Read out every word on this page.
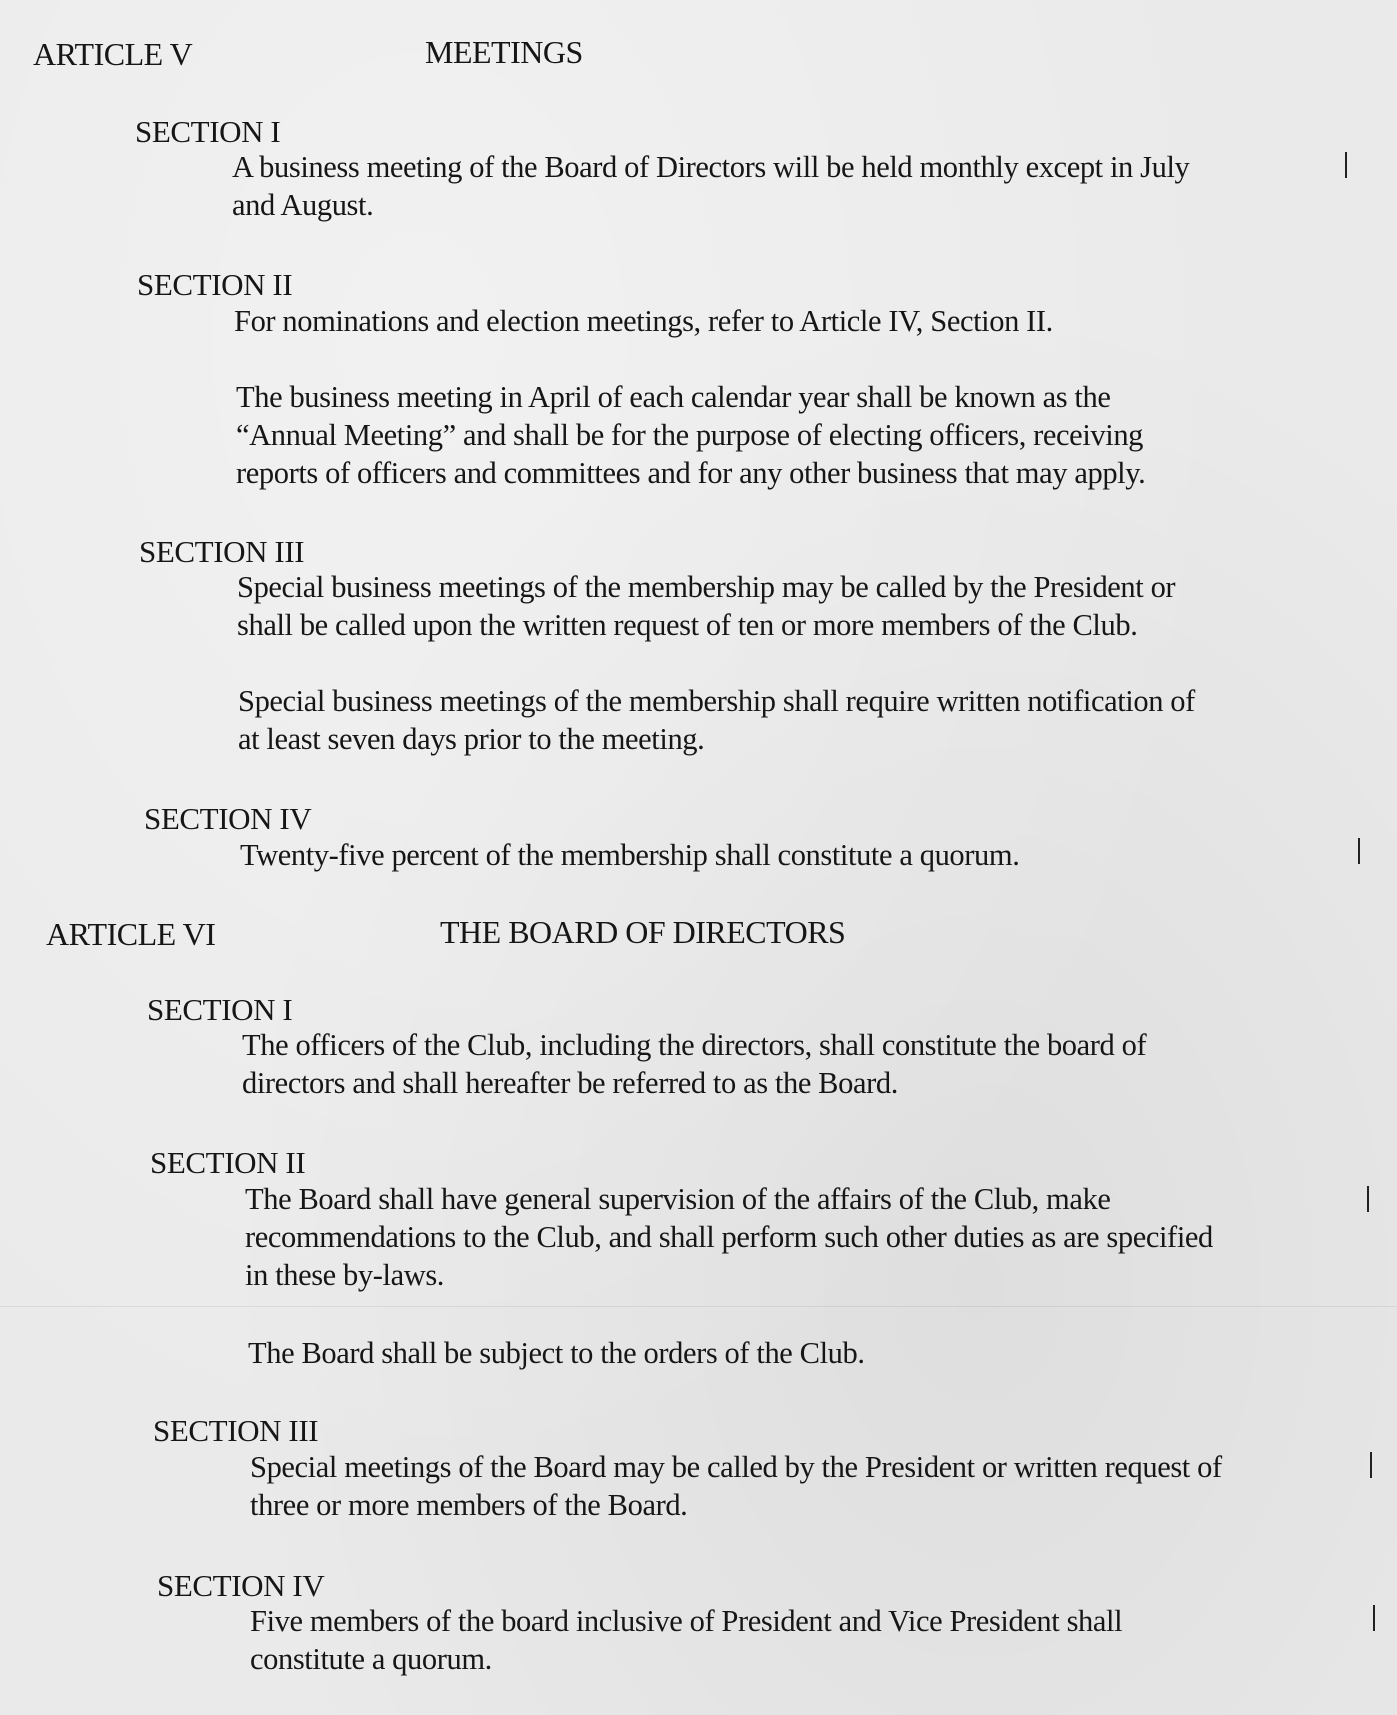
ARTICLE V	MEETINGS
SECTION I
A business meeting of the Board of Directors will be held monthly except in July
and August.
SECTION II
For nominations and election meetings, refer to Article IV, Section II.
The business meeting in April of each calendar year shall be known as the
“Annual Meeting” and shall be for the purpose of electing officers, receiving
reports of officers and committees and for any other business that may apply.
SECTION III
Special business meetings of the membership may be called by the President or
shall be called upon the written request of ten or more members of the Club.
Special business meetings of the membership shall require written notification of
at least seven days prior to the meeting.
SECTION IV
Twenty-five percent of the membership shall constitute a quorum.
ARTICLE VI	THE BOARD OF DIRECTORS
SECTION I
The officers of the Club, including the directors, shall constitute the board of
directors and shall hereafter be referred to as the Board.
SECTION II
The Board shall have general supervision of the affairs of the Club, make
recommendations to the Club, and shall perform such other duties as are specified
in these by-laws.
The Board shall be subject to the orders of the Club.
SECTION III
Special meetings of the Board may be called by the President or written request of
three or more members of the Board.
SECTION IV
Five members of the board inclusive of President and Vice President shall
constitute a quorum.
